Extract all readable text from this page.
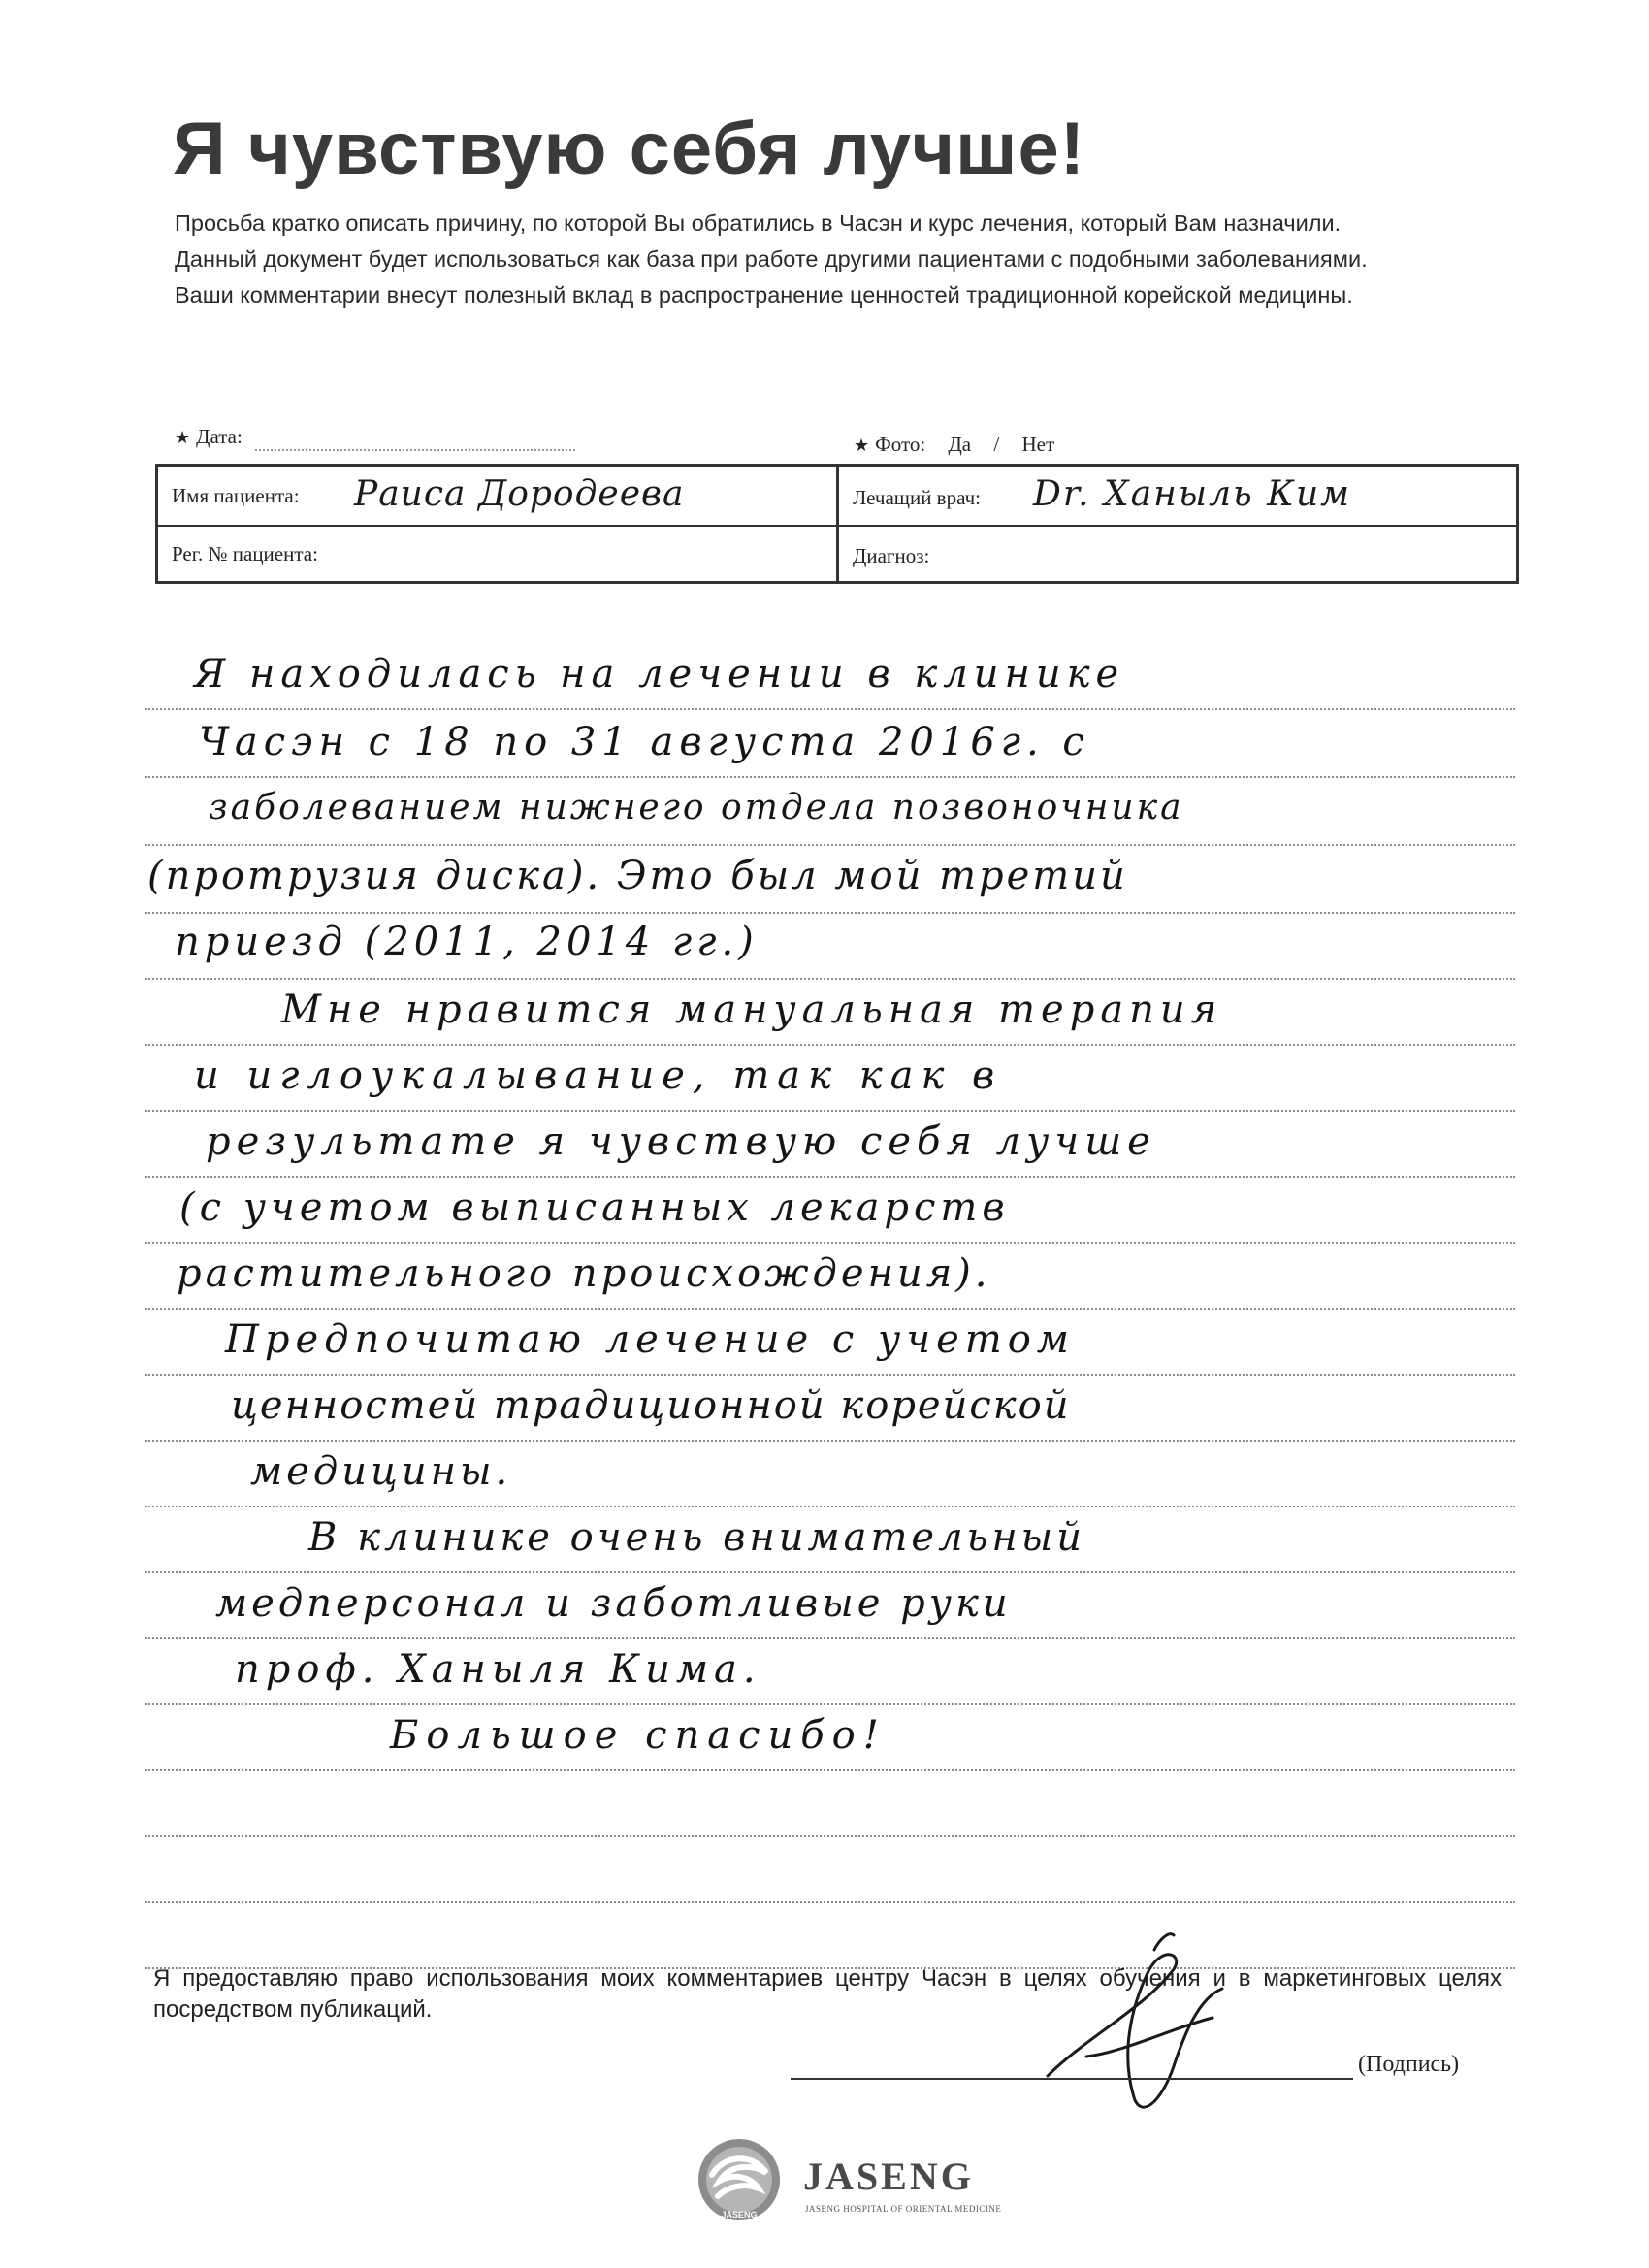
Я чувствую себя лучше!
Просьба кратко описать причину, по которой Вы обратились в Часэн и курс лечения, который Вам назначили.
Данный документ будет использоваться как база при работе другими пациентами с подобными заболеваниями.
Ваши комментарии внесут полезный вклад в распространение ценностей традиционной корейской медицины.
★ Дата:	★ Фото: Да / Нет
Имя пациента: Раиса Дородеева	Лечащий врач: Dr. Ханыль Ким
Рег. № пациента:	Диагноз:
Я находилась на лечении в клинике
Часэн с 18 по 31 августа 2016г. с
заболеванием нижнего отдела позвоночника
(протрузия диска). Это был мой третий
приезд (2011, 2014 гг.)
Мне нравится мануальная терапия
и иглоукалывание, так как в
результате я чувствую себя лучше
(с учетом выписанных лекарств
растительного происхождения).
Предпочитаю лечение с учетом
ценностей традиционной корейской
медицины.
В клинике очень внимательный
медперсонал и заботливые руки
проф. Ханыля Кима.
Большое спасибо!
Я предоставляю право использования моих комментариев центру Часэн в целях обучения и в маркетинговых целях посредством публикаций.
(Подпись)
JASENG
JASENG
JASENG HOSPITAL OF ORIENTAL MEDICINE
